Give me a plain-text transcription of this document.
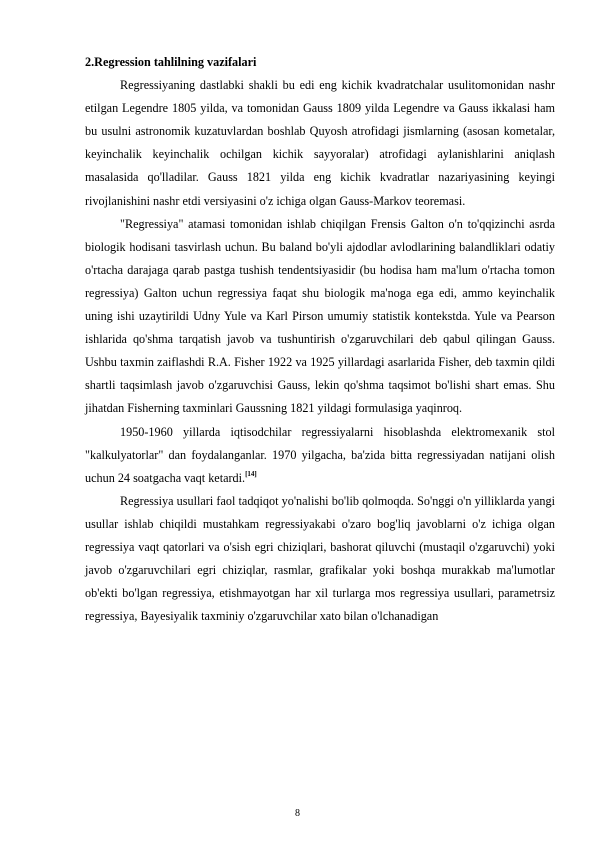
2.Regression tahlilning vazifalari

Regressiyaning dastlabki shakli bu edi eng kichik kvadratchalar usulitomonidan nashr etilgan Legendre 1805 yilda, va tomonidan Gauss 1809 yilda Legendre va Gauss ikkalasi ham bu usulni astronomik kuzatuvlardan boshlab Quyosh atrofidagi jismlarning (asosan kometalar, keyinchalik keyinchalik ochilgan kichik sayyoralar) atrofidagi aylanishlarini aniqlash masalasida qo'lladilar. Gauss 1821 yilda eng kichik kvadratlar nazariyasining keyingi rivojlanishini nashr etdi versiyasini o'z ichiga olgan Gauss-Markov teoremasi.

"Regressiya" atamasi tomonidan ishlab chiqilgan Frensis Galton o'n to'qqizinchi asrda biologik hodisani tasvirlash uchun. Bu baland bo'yli ajdodlar avlodlarining balandliklari odatiy o'rtacha darajaga qarab pastga tushish tendentsiyasidir (bu hodisa ham ma'lum o'rtacha tomon regressiya) Galton uchun regressiya faqat shu biologik ma'noga ega edi, ammo keyinchalik uning ishi uzaytirildi Udny Yule va Karl Pirson umumiy statistik kontekstda. Yule va Pearson ishlarida qo'shma tarqatish javob va tushuntirish o'zgaruvchilari deb qabul qilingan Gauss. Ushbu taxmin zaiflashdi R.A. Fisher 1922 va 1925 yillardagi asarlarida Fisher, deb taxmin qildi shartli taqsimlash javob o'zgaruvchisi Gauss, lekin qo'shma taqsimot bo'lishi shart emas. Shu jihatdan Fisherning taxminlari Gaussning 1821 yildagi formulasiga yaqinroq.

1950-1960 yillarda iqtisodchilar regressiyalarni hisoblashda elektromexanik stol "kalkulyatorlar" dan foydalanganlar. 1970 yilgacha, ba'zida bitta regressiyadan natijani olish uchun 24 soatgacha vaqt ketardi.[14]

Regressiya usullari faol tadqiqot yo'nalishi bo'lib qolmoqda. So'nggi o'n yilliklarda yangi usullar ishlab chiqildi mustahkam regressiyakabi o'zaro bog'liq javoblarni o'z ichiga olgan regressiya vaqt qatorlari va o'sish egri chiziqlari, bashorat qiluvchi (mustaqil o'zgaruvchi) yoki javob o'zgaruvchilari egri chiziqlar, rasmlar, grafikalar yoki boshqa murakkab ma'lumotlar ob'ekti bo'lgan regressiya, etishmayotgan har xil turlarga mos regressiya usullari, parametrsiz regressiya, Bayesiyalik taxminiy o'zgaruvchilar xato bilan o'lchanadigan

8
